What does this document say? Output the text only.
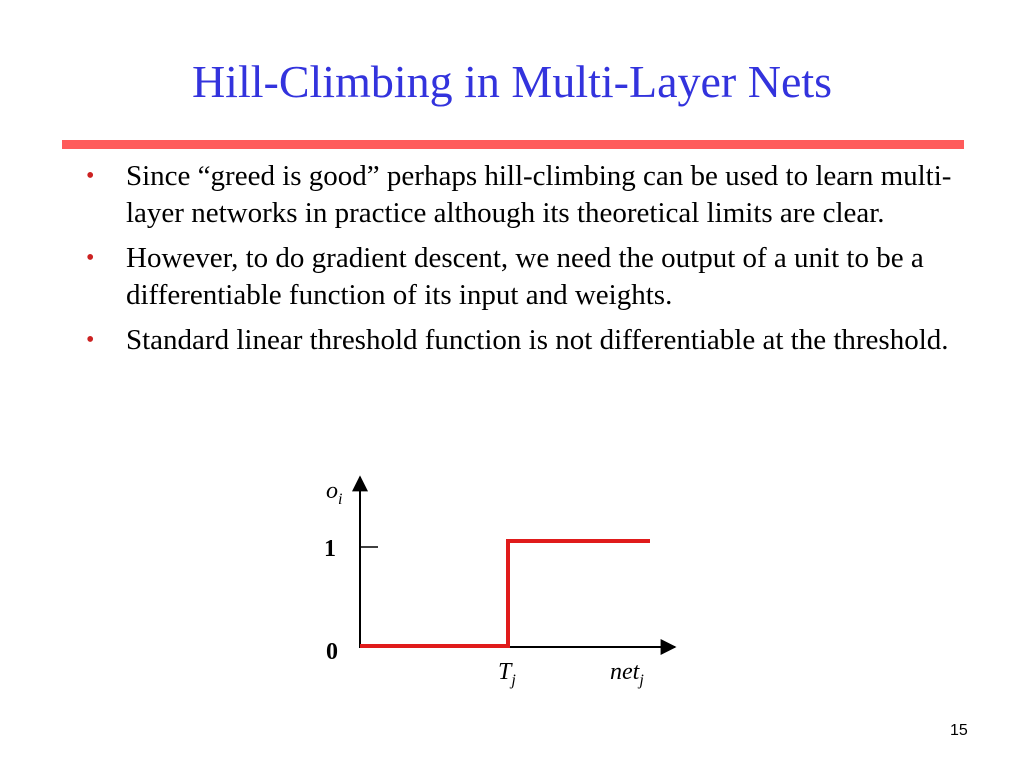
Hill-Climbing in Multi-Layer Nets
• Since “greed is good” perhaps hill-climbing can be used to learn multi-layer networks in practice although its theoretical limits are clear.
• However, to do gradient descent, we need the output of a unit to be a differentiable function of its input and weights.
• Standard linear threshold function is not differentiable at the threshold.
$o_i$
1
0
$T_j$	net$_j$
15
